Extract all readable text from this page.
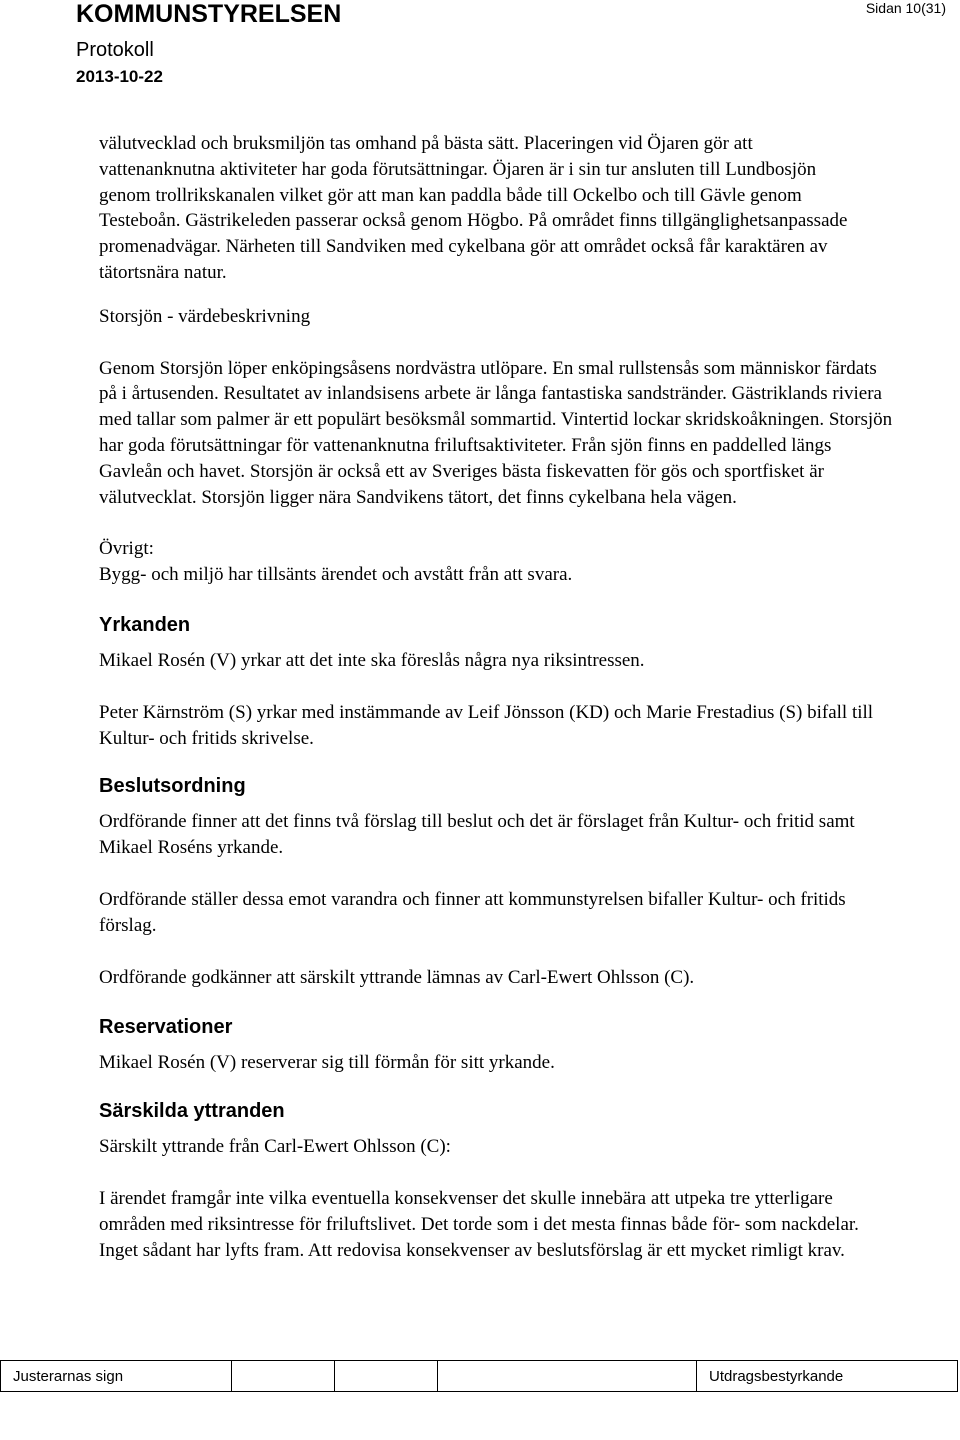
KOMMUNSTYRELSEN	Sidan 10(31)
Protokoll
2013-10-22

välutvecklad och bruksmiljön tas omhand på bästa sätt. Placeringen vid Öjaren gör att vattenanknutna aktiviteter har goda förutsättningar. Öjaren är i sin tur ansluten till Lundbosjön genom trollrikskanalen vilket gör att man kan paddla både till Ockelbo och till Gävle genom Testeboån. Gästrikeleden passerar också genom Högbo. På området finns tillgänglighetsanpassade promenadvägar. Närheten till Sandviken med cykelbana gör att området också får karaktären av tätortsnära natur.

Storsjön - värdebeskrivning

Genom Storsjön löper enköpingsåsens nordvästra utlöpare. En smal rullstensås som människor färdats på i årtusenden. Resultatet av inlandsisens arbete är långa fantastiska sandstränder. Gästriklands riviera med tallar som palmer är ett populärt besöksmål sommartid. Vintertid lockar skridskoåkningen. Storsjön har goda förutsättningar för vattenanknutna friluftsaktiviteter. Från sjön finns en paddelled längs Gavleån och havet. Storsjön är också ett av Sveriges bästa fiskevatten för gös och sportfisket är välutvecklat. Storsjön ligger nära Sandvikens tätort, det finns cykelbana hela vägen.

Övrigt:

Bygg- och miljö har tillsänts ärendet och avstått från att svara.

Yrkanden

Mikael Rosén (V) yrkar att det inte ska föreslås några nya riksintressen.

Peter Kärnström (S) yrkar med instämmande av Leif Jönsson (KD) och Marie Frestadius (S) bifall till Kultur- och fritids skrivelse.

Beslutsordning

Ordförande finner att det finns två förslag till beslut och det är förslaget från Kultur- och fritid samt Mikael Roséns yrkande.

Ordförande ställer dessa emot varandra och finner att kommunstyrelsen bifaller Kultur- och fritids förslag.

Ordförande godkänner att särskilt yttrande lämnas av Carl-Ewert Ohlsson (C).

Reservationer

Mikael Rosén (V) reserverar sig till förmån för sitt yrkande.

Särskilda yttranden

Särskilt yttrande från Carl-Ewert Ohlsson (C):

I ärendet framgår inte vilka eventuella konsekvenser det skulle innebära att utpeka tre ytterligare områden med riksintresse för friluftslivet. Det torde som i det mesta finnas både för- som nackdelar. Inget sådant har lyfts fram. Att redovisa konsekvenser av beslutsförslag är ett mycket rimligt krav.

Justerarnas sign				Utdragsbestyrkande
